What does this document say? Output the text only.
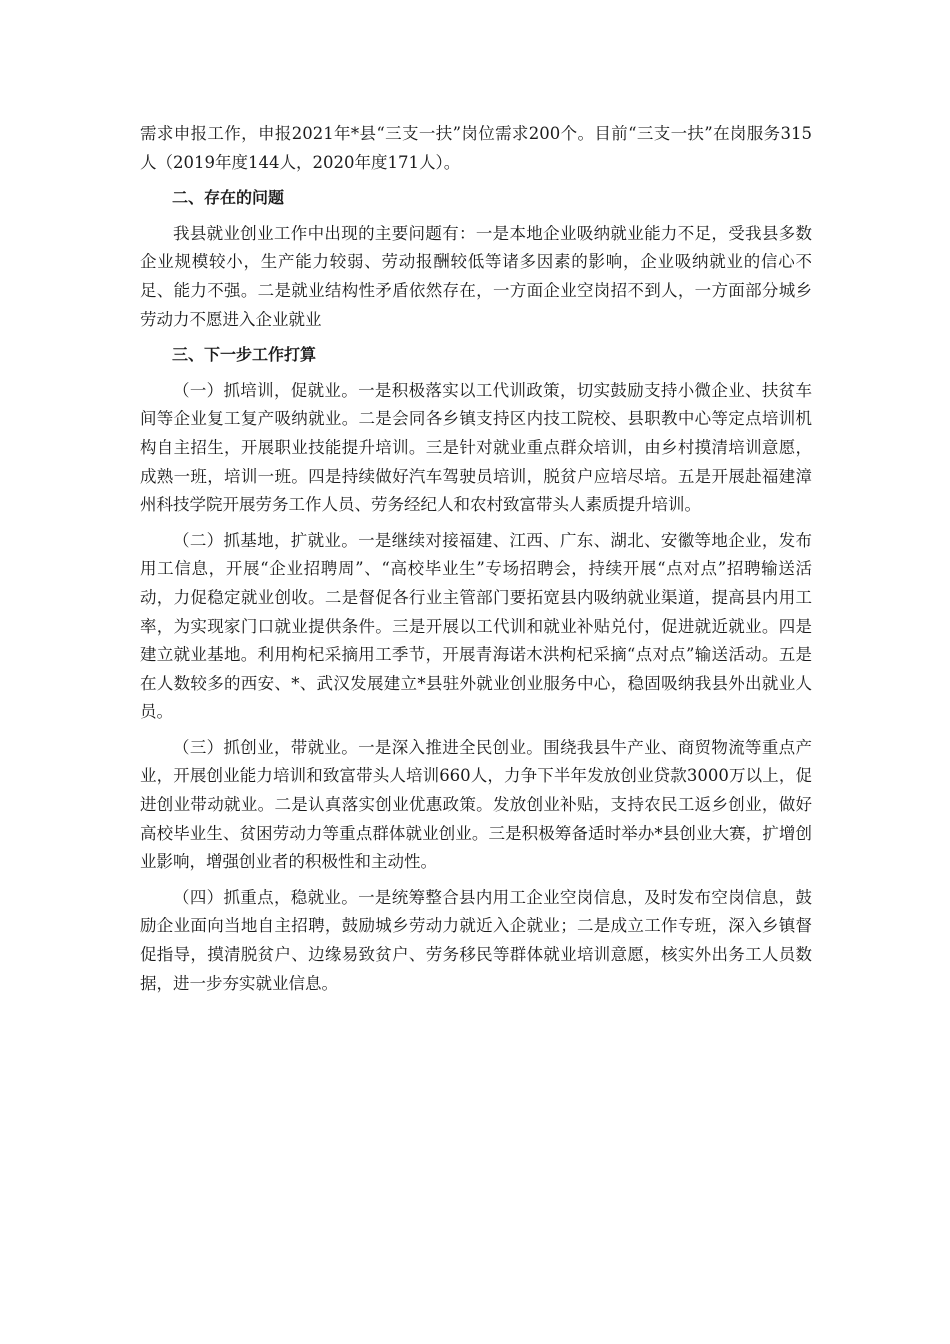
需求申报工作，申报2021年*县“三支一扶”岗位需求200个。目前“三支一扶”在岗服务315人（2019年度144人，2020年度171人）。

二、存在的问题

我县就业创业工作中出现的主要问题有：一是本地企业吸纳就业能力不足，受我县多数企业规模较小，生产能力较弱、劳动报酬较低等诸多因素的影响，企业吸纳就业的信心不足、能力不强。二是就业结构性矛盾依然存在，一方面企业空岗招不到人，一方面部分城乡劳动力不愿进入企业就业

三、下一步工作打算

（一）抓培训，促就业。一是积极落实以工代训政策，切实鼓励支持小微企业、扶贫车间等企业复工复产吸纳就业。二是会同各乡镇支持区内技工院校、县职教中心等定点培训机构自主招生，开展职业技能提升培训。三是针对就业重点群众培训，由乡村摸清培训意愿，成熟一班，培训一班。四是持续做好汽车驾驶员培训，脱贫户应培尽培。五是开展赴福建漳州科技学院开展劳务工作人员、劳务经纪人和农村致富带头人素质提升培训。

（二）抓基地，扩就业。一是继续对接福建、江西、广东、湖北、安徽等地企业，发布用工信息，开展“企业招聘周”、“高校毕业生”专场招聘会，持续开展“点对点”招聘输送活动，力促稳定就业创收。二是督促各行业主管部门要拓宽县内吸纳就业渠道，提高县内用工率，为实现家门口就业提供条件。三是开展以工代训和就业补贴兑付，促进就近就业。四是建立就业基地。利用枸杞采摘用工季节，开展青海诺木洪枸杞采摘“点对点”输送活动。五是在人数较多的西安、*、武汉发展建立*县驻外就业创业服务中心，稳固吸纳我县外出就业人员。

（三）抓创业，带就业。一是深入推进全民创业。围绕我县牛产业、商贸物流等重点产业，开展创业能力培训和致富带头人培训660人，力争下半年发放创业贷款3000万以上，促进创业带动就业。二是认真落实创业优惠政策。发放创业补贴，支持农民工返乡创业，做好高校毕业生、贫困劳动力等重点群体就业创业。三是积极筹备适时举办*县创业大赛，扩增创业影响，增强创业者的积极性和主动性。

（四）抓重点，稳就业。一是统筹整合县内用工企业空岗信息，及时发布空岗信息，鼓励企业面向当地自主招聘，鼓励城乡劳动力就近入企就业；二是成立工作专班，深入乡镇督促指导，摸清脱贫户、边缘易致贫户、劳务移民等群体就业培训意愿，核实外出务工人员数据，进一步夯实就业信息。
